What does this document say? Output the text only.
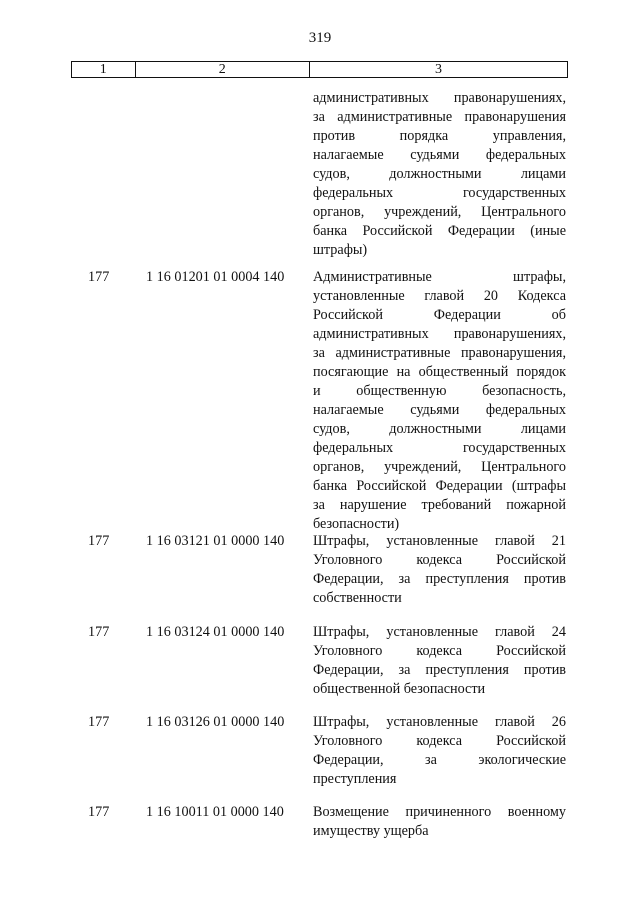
319
1	2	3
административных правонарушениях,
за административные правонарушения
против порядка управления,
налагаемые судьями федеральных
судов, должностными лицами
федеральных государственных
органов, учреждений, Центрального
банка Российской Федерации (иные
штрафы)
177	1 16 01201 01 0004 140	Административные штрафы,
установленные главой 20 Кодекса
Российской Федерации об
административных правонарушениях,
за административные правонарушения,
посягающие на общественный порядок
и общественную безопасность,
налагаемые судьями федеральных
судов, должностными лицами
федеральных государственных
органов, учреждений, Центрального
банка Российской Федерации (штрафы
за нарушение требований пожарной
безопасности)
177	1 16 03121 01 0000 140	Штрафы, установленные главой 21
Уголовного кодекса Российской
Федерации, за преступления против
собственности
177	1 16 03124 01 0000 140	Штрафы, установленные главой 24
Уголовного кодекса Российской
Федерации, за преступления против
общественной безопасности
177	1 16 03126 01 0000 140	Штрафы, установленные главой 26
Уголовного кодекса Российской
Федерации, за экологические
преступления
177	1 16 10011 01 0000 140	Возмещение причиненного военному
имуществу ущерба
